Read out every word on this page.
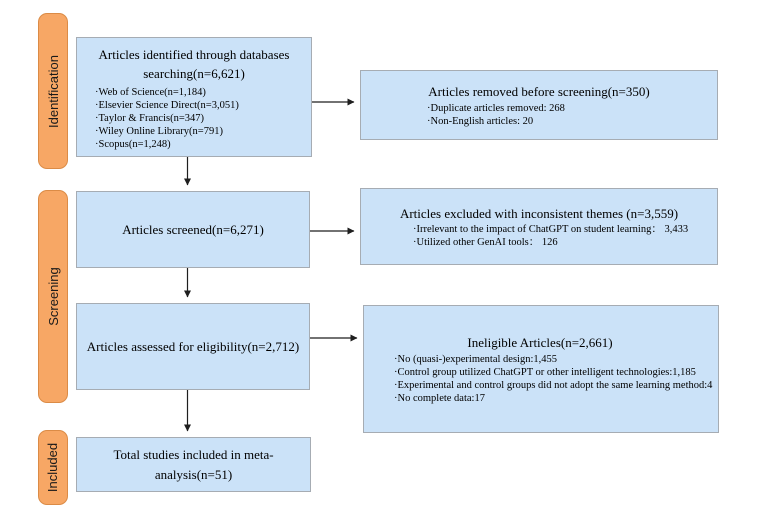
Identification
Screening
Included
Articles identified through databases searching(n=6,621)
·Web of Science(n=1,184)
·Elsevier Science Direct(n=3,051)
·Taylor & Francis(n=347)
·Wiley Online Library(n=791)
·Scopus(n=1,248)
Articles screened(n=6,271)
Articles assessed for eligibility(n=2,712)
Total studies included in meta-analysis(n=51)
Articles removed before screening(n=350)
·Duplicate articles removed: 268
·Non-English articles: 20
Articles excluded with inconsistent themes (n=3,559)
·Irrelevant to the impact of ChatGPT on student learning： 3,433
·Utilized other GenAI tools： 126
Ineligible Articles(n=2,661)
·No (quasi-)experimental design:1,455
·Control group utilized ChatGPT or other intelligent technologies:1,185
·Experimental and control groups did not adopt the same learning method:4
·No complete data:17
